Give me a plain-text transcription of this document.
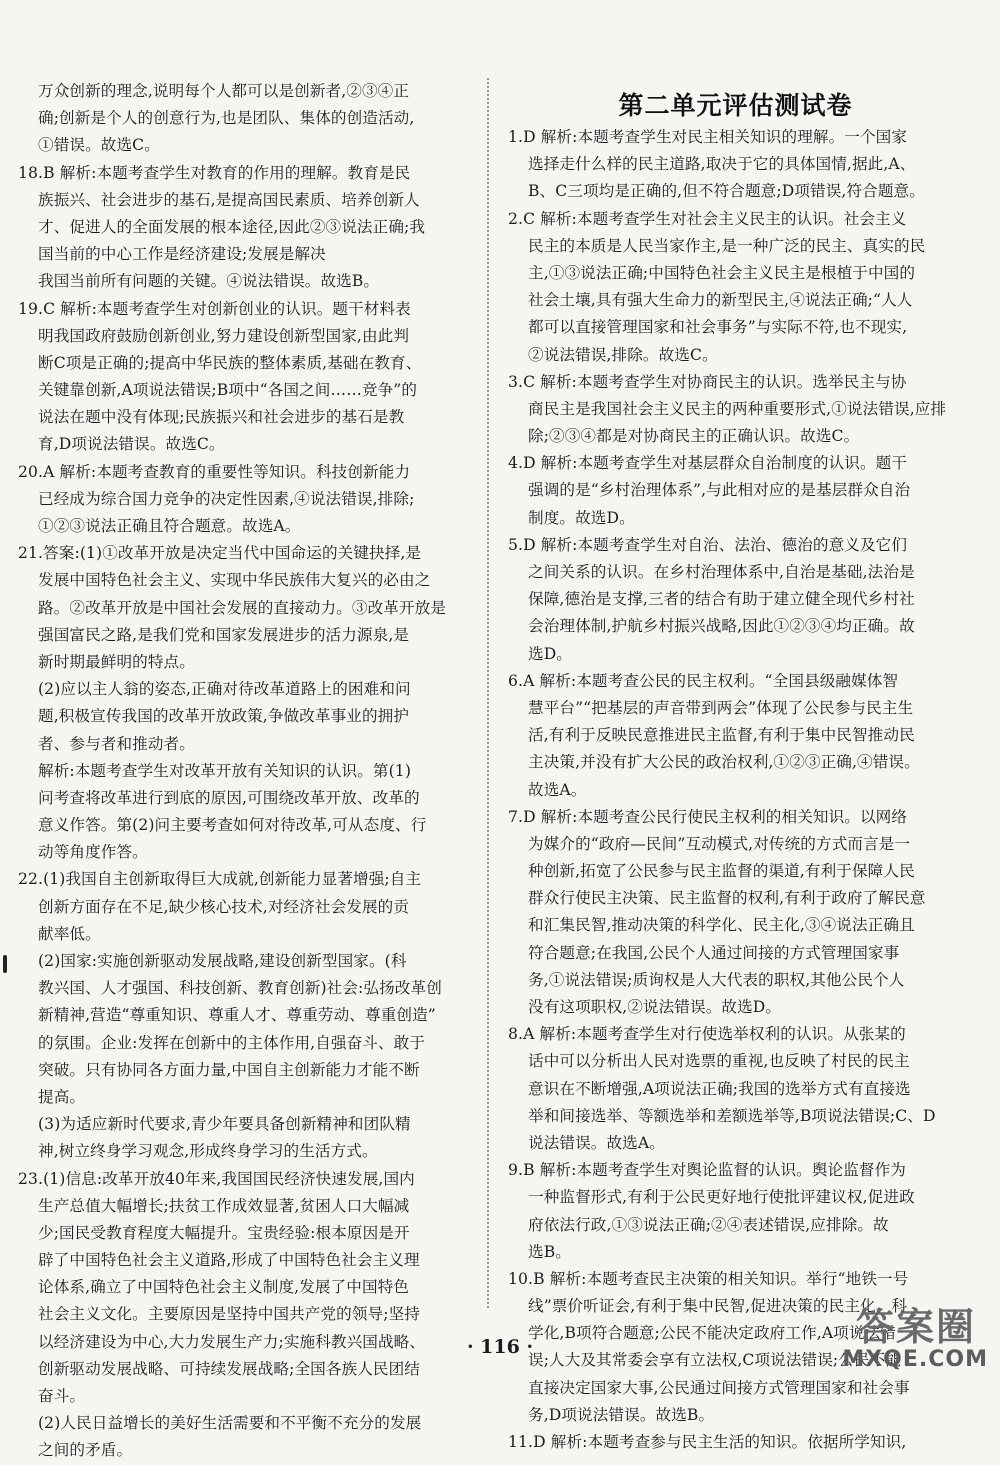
万众创新的理念,说明每个人都可以是创新者,②③④正
确;创新是个人的创意行为,也是团队、集体的创造活动,
①错误。故选C。
18.B 解析:本题考查学生对教育的作用的理解。教育是民
族振兴、社会进步的基石,是提高国民素质、培养创新人
才、促进人的全面发展的根本途径,因此②③说法正确;我
国当前的中心工作是经济建设;发展是解决
我国当前所有问题的关键。④说法错误。故选B。
19.C 解析:本题考查学生对创新创业的认识。题干材料表
明我国政府鼓励创新创业,努力建设创新型国家,由此判
断C项是正确的;提高中华民族的整体素质,基础在教育、
关键靠创新,A项说法错误;B项中“各国之间……竞争”的
说法在题中没有体现;民族振兴和社会进步的基石是教
育,D项说法错误。故选C。
20.A 解析:本题考查教育的重要性等知识。科技创新能力
已经成为综合国力竞争的决定性因素,④说法错误,排除;
①②③说法正确且符合题意。故选A。
21.答案:(1)①改革开放是决定当代中国命运的关键抉择,是
发展中国特色社会主义、实现中华民族伟大复兴的必由之
路。②改革开放是中国社会发展的直接动力。③改革开放是
强国富民之路,是我们党和国家发展进步的活力源泉,是
新时期最鲜明的特点。
(2)应以主人翁的姿态,正确对待改革道路上的困难和问
题,积极宣传我国的改革开放政策,争做改革事业的拥护
者、参与者和推动者。
解析:本题考查学生对改革开放有关知识的认识。第(1)
问考查将改革进行到底的原因,可围绕改革开放、改革的
意义作答。第(2)问主要考查如何对待改革,可从态度、行
动等角度作答。
22.(1)我国自主创新取得巨大成就,创新能力显著增强;自主
创新方面存在不足,缺少核心技术,对经济社会发展的贡
献率低。
(2)国家:实施创新驱动发展战略,建设创新型国家。(科
教兴国、人才强国、科技创新、教育创新)社会:弘扬改革创
新精神,营造“尊重知识、尊重人才、尊重劳动、尊重创造”
的氛围。企业:发挥在创新中的主体作用,自强奋斗、敢于
突破。只有协同各方面力量,中国自主创新能力才能不断
提高。
(3)为适应新时代要求,青少年要具备创新精神和团队精
神,树立终身学习观念,形成终身学习的生活方式。
23.(1)信息:改革开放40年来,我国国民经济快速发展,国内
生产总值大幅增长;扶贫工作成效显著,贫困人口大幅减
少;国民受教育程度大幅提升。宝贵经验:根本原因是开
辟了中国特色社会主义道路,形成了中国特色社会主义理
论体系,确立了中国特色社会主义制度,发展了中国特色
社会主义文化。主要原因是坚持中国共产党的领导;坚持
以经济建设为中心,大力发展生产力;实施科教兴国战略、
创新驱动发展战略、可持续发展战略;全国各族人民团结
奋斗。
(2)人民日益增长的美好生活需要和不平衡不充分的发展
之间的矛盾。
第二单元评估测试卷
1.D 解析:本题考查学生对民主相关知识的理解。一个国家
选择走什么样的民主道路,取决于它的具体国情,据此,A、
B、C三项均是正确的,但不符合题意;D项错误,符合题意。
2.C 解析:本题考查学生对社会主义民主的认识。社会主义
民主的本质是人民当家作主,是一种广泛的民主、真实的民
主,①③说法正确;中国特色社会主义民主是根植于中国的
社会土壤,具有强大生命力的新型民主,④说法正确;“人人
都可以直接管理国家和社会事务”与实际不符,也不现实,
②说法错误,排除。故选C。
3.C 解析:本题考查学生对协商民主的认识。选举民主与协
商民主是我国社会主义民主的两种重要形式,①说法错误,应排
除;②③④都是对协商民主的正确认识。故选C。
4.D 解析:本题考查学生对基层群众自治制度的认识。题干
强调的是“乡村治理体系”,与此相对应的是基层群众自治
制度。故选D。
5.D 解析:本题考查学生对自治、法治、德治的意义及它们
之间关系的认识。在乡村治理体系中,自治是基础,法治是
保障,德治是支撑,三者的结合有助于建立健全现代乡村社
会治理体制,护航乡村振兴战略,因此①②③④均正确。故
选D。
6.A 解析:本题考查公民的民主权利。“全国县级融媒体智
慧平台”“把基层的声音带到两会”体现了公民参与民主生
活,有利于反映民意推进民主监督,有利于集中民智推动民
主决策,并没有扩大公民的政治权利,①②③正确,④错误。
故选A。
7.D 解析:本题考查公民行使民主权利的相关知识。以网络
为媒介的“政府—民间”互动模式,对传统的方式而言是一
种创新,拓宽了公民参与民主监督的渠道,有利于保障人民
群众行使民主决策、民主监督的权利,有利于政府了解民意
和汇集民智,推动决策的科学化、民主化,③④说法正确且
符合题意;在我国,公民个人通过间接的方式管理国家事
务,①说法错误;质询权是人大代表的职权,其他公民个人
没有这项职权,②说法错误。故选D。
8.A 解析:本题考查学生对行使选举权利的认识。从张某的
话中可以分析出人民对选票的重视,也反映了村民的民主
意识在不断增强,A项说法正确;我国的选举方式有直接选
举和间接选举、等额选举和差额选举等,B项说法错误;C、D
说法错误。故选A。
9.B 解析:本题考查学生对舆论监督的认识。舆论监督作为
一种监督形式,有利于公民更好地行使批评建议权,促进政
府依法行政,①③说法正确;②④表述错误,应排除。故
选B。
10.B 解析:本题考查民主决策的相关知识。举行“地铁一号
线”票价听证会,有利于集中民智,促进决策的民主化、科
学化,B项符合题意;公民不能决定政府工作,A项说法错
误;人大及其常委会享有立法权,C项说法错误;公民不能
直接决定国家大事,公民通过间接方式管理国家和社会事
务,D项说法错误。故选B。
11.D 解析:本题考查参与民主生活的知识。依据所学知识,
· 116 ·	答案圈
MXQE.COM
